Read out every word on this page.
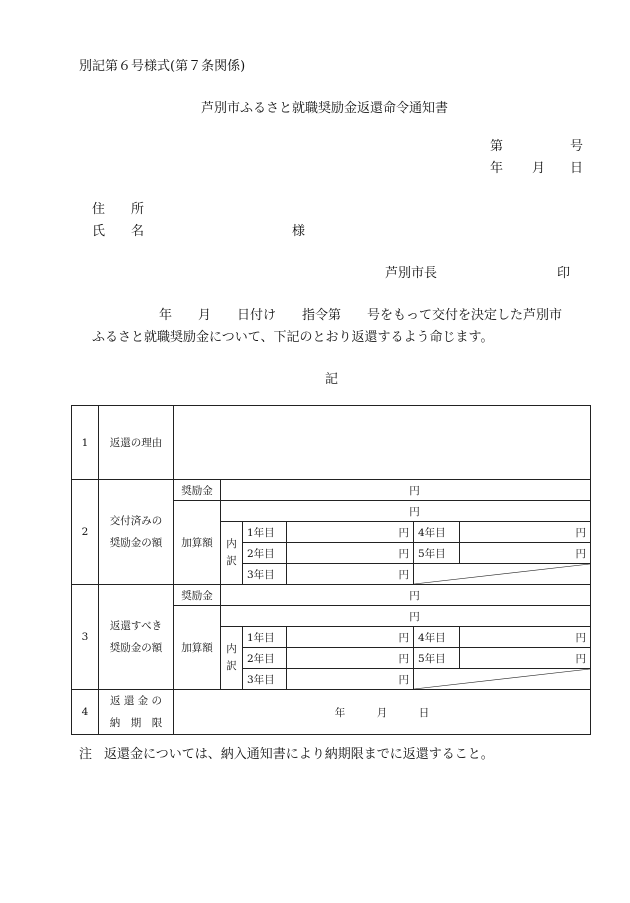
別記第６号様式(第７条関係)
芦別市ふるさと就職奨励金返還命令通知書
第	号
年 月 日
住　　所
氏　　名	様
芦別市長	印
年　　月　　日付け　　指令第　　号をもって交付を決定した芦別市
ふるさと就職奨励金について、下記のとおり返還するよう命じます。
記
1	返還の理由						
2	交付済みの
奨励金の額	奨励金	円				
		加算額	円				
			内訳	1年目	円	4年目	円
				2年目	円	5年目	円
				3年目	円	

3	返還すべき
奨励金の額	奨励金	円				
		加算額	円				
			内訳	1年目	円	4年目	円
				2年目	円	5年目	円
				3年目	円	

4	返 還 金 の
納　期　限	年　　　月　　　日					
注 返還金については、納入通知書により納期限までに返還すること。
